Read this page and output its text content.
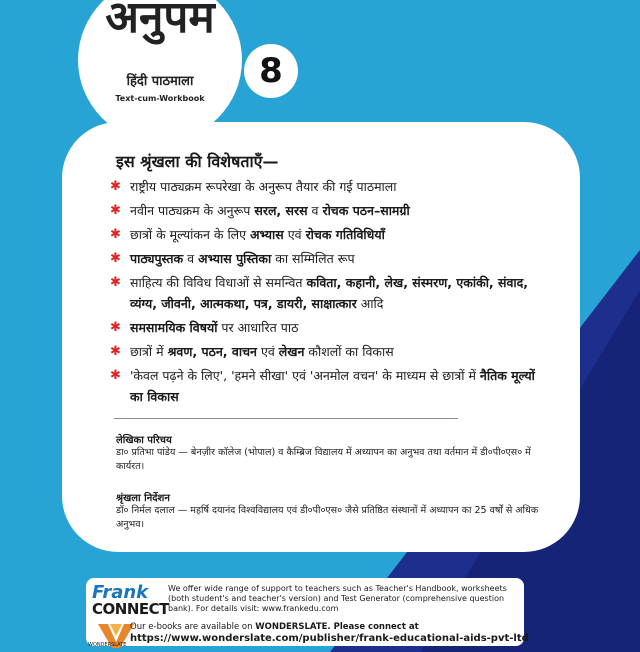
अनुपम
हिंदी पाठमाला
Text-cum-Workbook
8
इस श्रृंखला की विशेषताएँ—
✱ राष्ट्रीय पाठ्यक्रम रूपरेखा के अनुरूप तैयार की गई पाठमाला
✱ नवीन पाठ्यक्रम के अनुरूप सरल, सरस व रोचक पठन–सामग्री
✱ छात्रों के मूल्यांकन के लिए अभ्यास एवं रोचक गतिविधियाँ
✱ पाठ्यपुस्तक व अभ्यास पुस्तिका का सम्मिलित रूप
✱ साहित्य की विविध विधाओं से समन्वित कविता, कहानी, लेख, संस्मरण, एकांकी, संवाद, व्यंग्य, जीवनी, आत्मकथा, पत्र, डायरी, साक्षात्कार आदि
✱ समसामयिक विषयों पर आधारित पाठ
✱ छात्रों में श्रवण, पठन, वाचन एवं लेखन कौशलों का विकास
✱ 'केवल पढ़ने के लिए', 'हमने सीखा' एवं 'अनमोल वचन' के माध्यम से छात्रों में नैतिक मूल्यों का विकास
लेखिका परिचय
डा० प्रतिभा पांडेय — बेनज़ीर कॉलेज (भोपाल) व कैम्ब्रिज विद्यालय में अध्यापन का अनुभव तथा वर्तमान में डी०पी०एस० में कार्यरत।
श्रृंखला निर्देशन
डॉ० निर्मल दलाल — महर्षि दयानंद विश्वविद्यालय एवं डी०पी०एस० जैसे प्रतिष्ठित संस्थानों में अध्यापन का 25 वर्षों से अधिक अनुभव।
Frank
CONNECT
We offer wide range of support to teachers such as Teacher's Handbook, worksheets (both student's and teacher's version) and Test Generator (comprehensive question bank). For details visit: www.frankedu.com
WONDERSLATE
Our e-books are available on WONDERSLATE. Please connect at
https://www.wonderslate.com/publisher/frank-educational-aids-pvt-ltd
